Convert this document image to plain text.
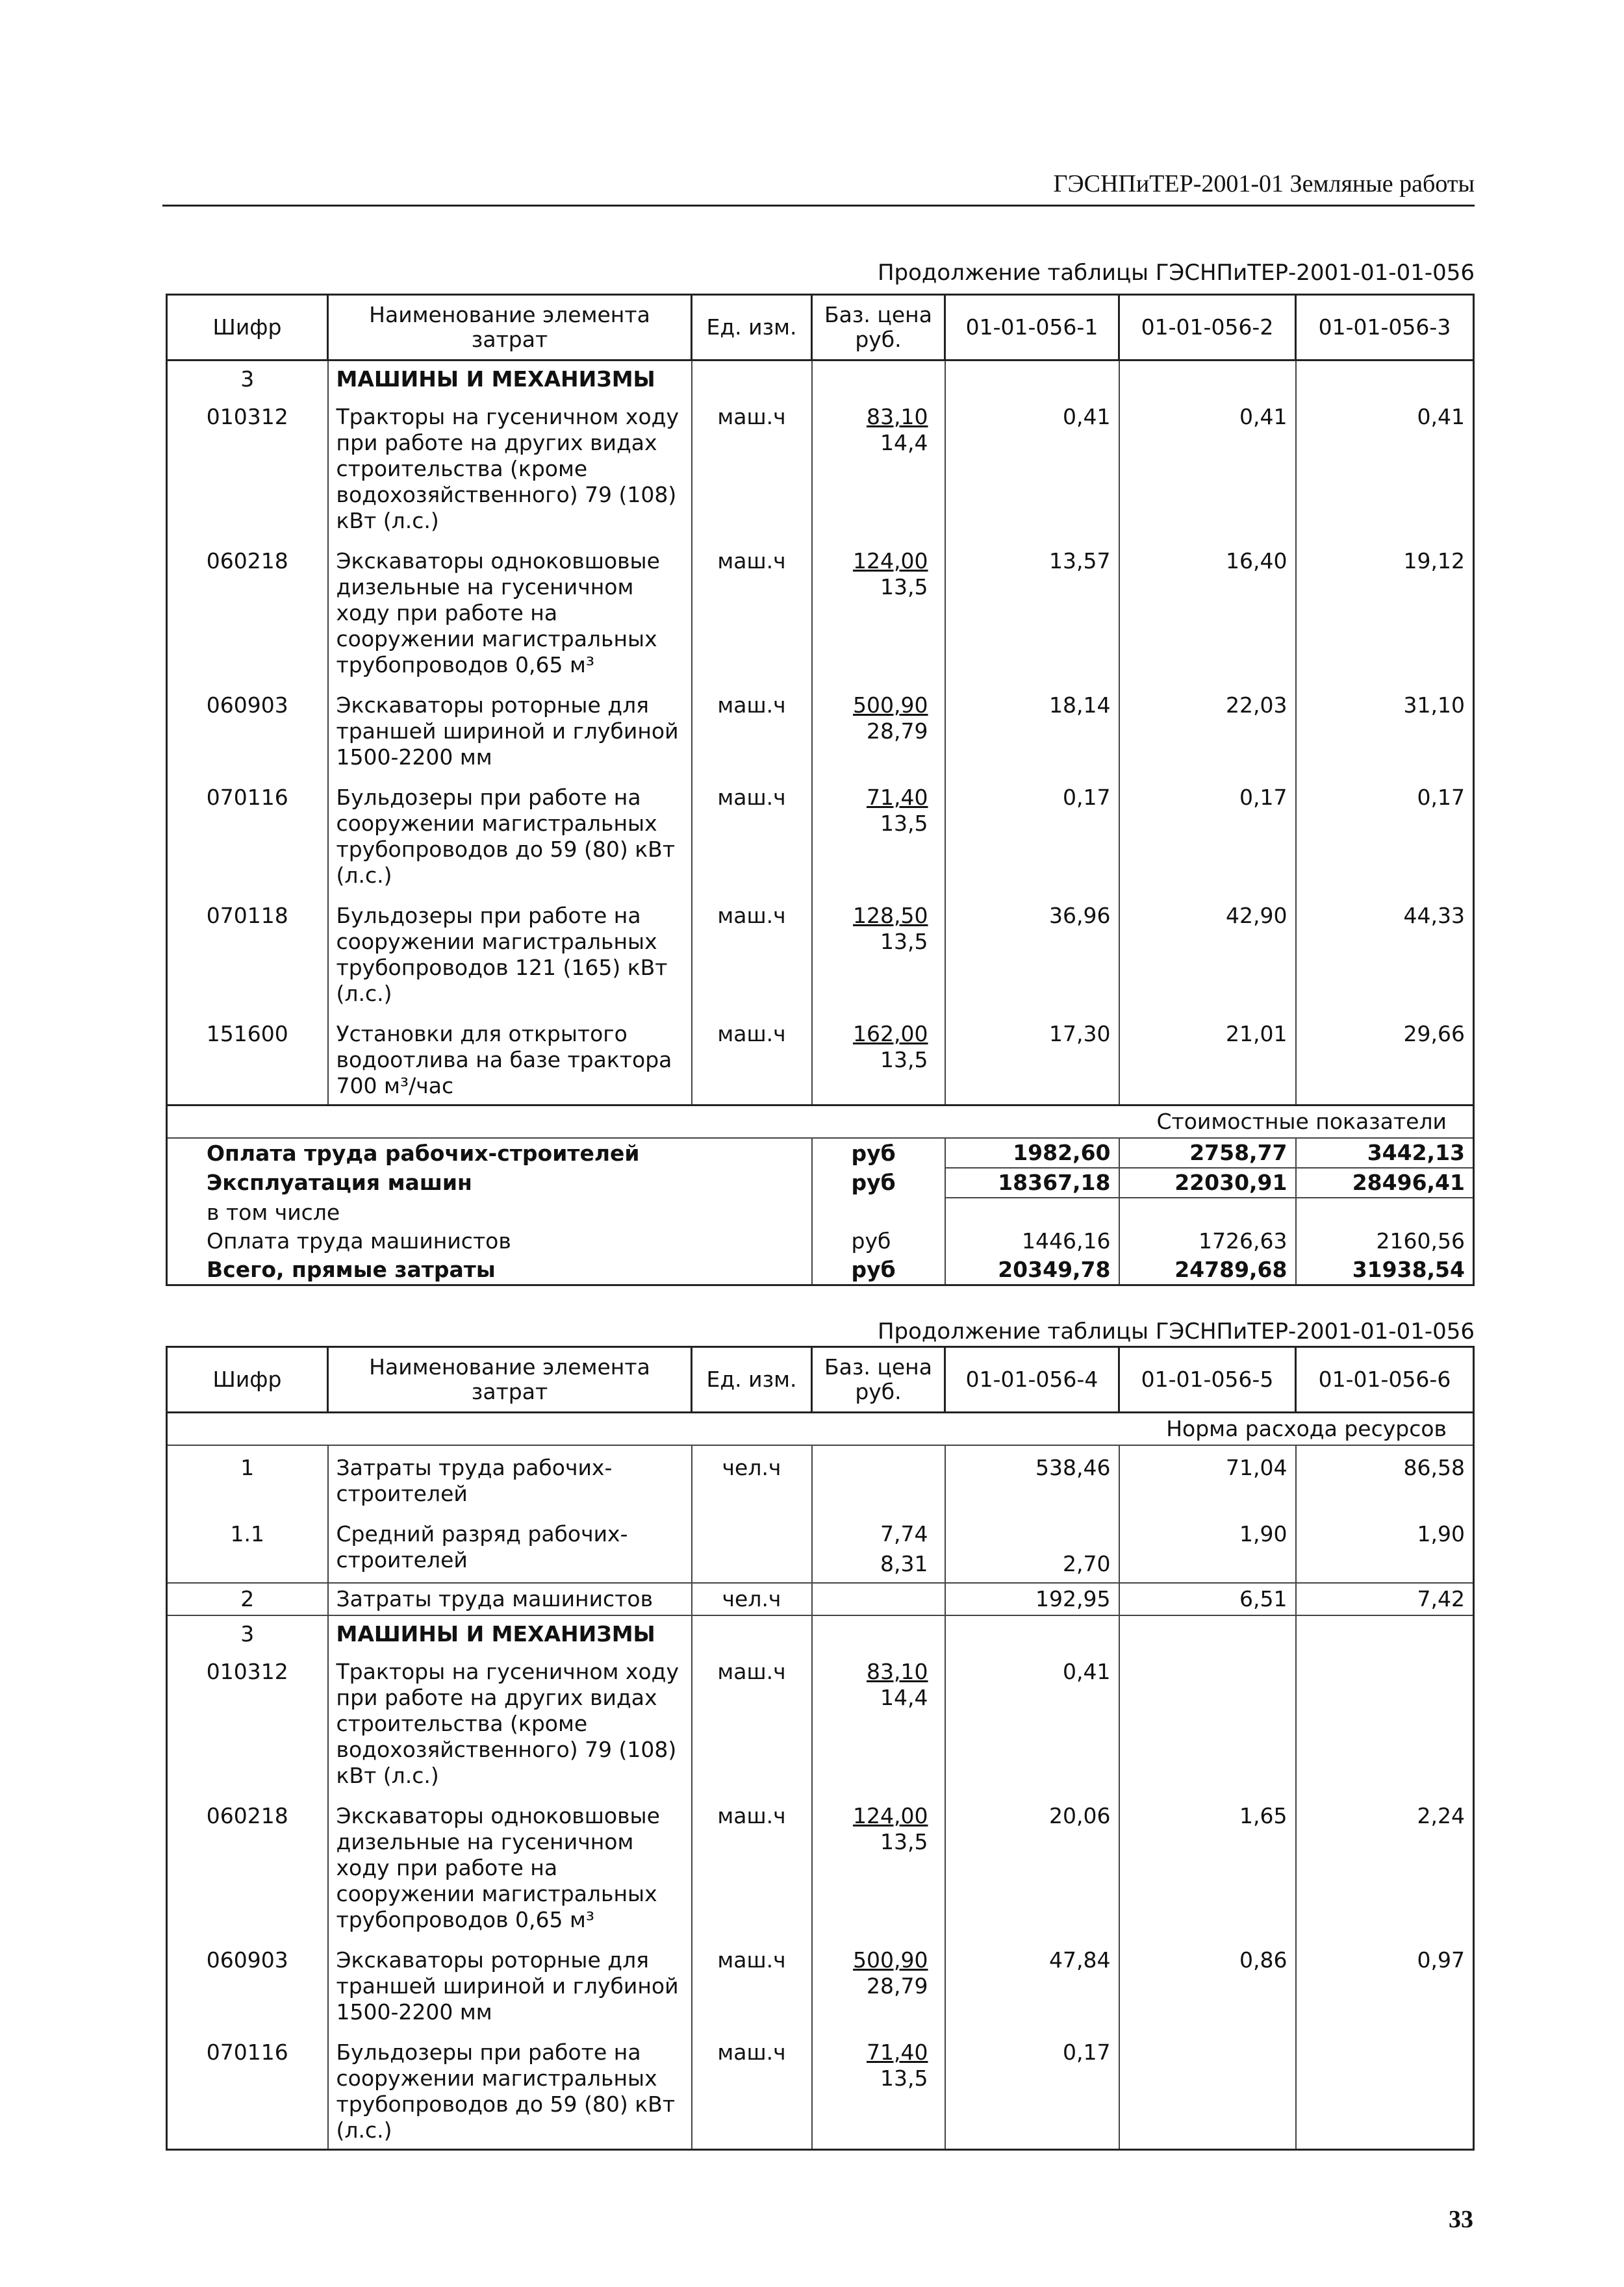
ГЭСНПиТЕР-2001-01 Земляные работы
Продолжение таблицы ГЭСНПиТЕР-2001-01-01-056
Шифр	Наименование элемента затрат	Ед. изм.	Баз. цена руб.	01-01-056-1	01-01-056-2	01-01-056-3
3	МАШИНЫ И МЕХАНИЗМЫ					
010312	Тракторы на гусеничном ходу при работе на других видах строительства (кроме водохозяйственного) 79 (108) кВт (л.с.)	маш.ч	83,10
14,4	0,41	0,41	0,41
060218	Экскаваторы одноковшовые дизельные на гусеничном ходу при работе на сооружении магистральных трубопроводов 0,65 м³	маш.ч	124,00
13,5	13,57	16,40	19,12
060903	Экскаваторы роторные для траншей шириной и глубиной 1500-2200 мм	маш.ч	500,90
28,79	18,14	22,03	31,10
070116	Бульдозеры при работе на сооружении магистральных трубопроводов до 59 (80) кВт (л.с.)	маш.ч	71,40
13,5	0,17	0,17	0,17
070118	Бульдозеры при работе на сооружении магистральных трубопроводов 121 (165) кВт (л.с.)	маш.ч	128,50
13,5	36,96	42,90	44,33
151600	Установки для открытого водоотлива на базе трактора 700 м³/час	маш.ч	162,00
13,5	17,30	21,01	29,66
Стоимостные показатели						
Оплата труда рабочих-строителей			руб	1982,60	2758,77	3442,13
Эксплуатация машин			руб	18367,18	22030,91	28496,41
в том числе						
Оплата труда машинистов			руб	1446,16	1726,63	2160,56
Всего, прямые затраты			руб	20349,78	24789,68	31938,54
Продолжение таблицы ГЭСНПиТЕР-2001-01-01-056
Шифр	Наименование элемента затрат	Ед. изм.	Баз. цена руб.	01-01-056-4	01-01-056-5	01-01-056-6
Норма расхода ресурсов						
1	Затраты труда рабочих-строителей	чел.ч		538,46	71,04	86,58
1.1	Средний разряд рабочих-строителей		7,74
8,31	2,70	1,90	1,90
2	Затраты труда машинистов	чел.ч		192,95	6,51	7,42
3	МАШИНЫ И МЕХАНИЗМЫ					
010312	Тракторы на гусеничном ходу при работе на других видах строительства (кроме водохозяйственного) 79 (108) кВт (л.с.)	маш.ч	83,10
14,4	0,41		
060218	Экскаваторы одноковшовые дизельные на гусеничном ходу при работе на сооружении магистральных трубопроводов 0,65 м³	маш.ч	124,00
13,5	20,06	1,65	2,24
060903	Экскаваторы роторные для траншей шириной и глубиной 1500-2200 мм	маш.ч	500,90
28,79	47,84	0,86	0,97
070116	Бульдозеры при работе на сооружении магистральных трубопроводов до 59 (80) кВт (л.с.)	маш.ч	71,40
13,5	0,17		
33
